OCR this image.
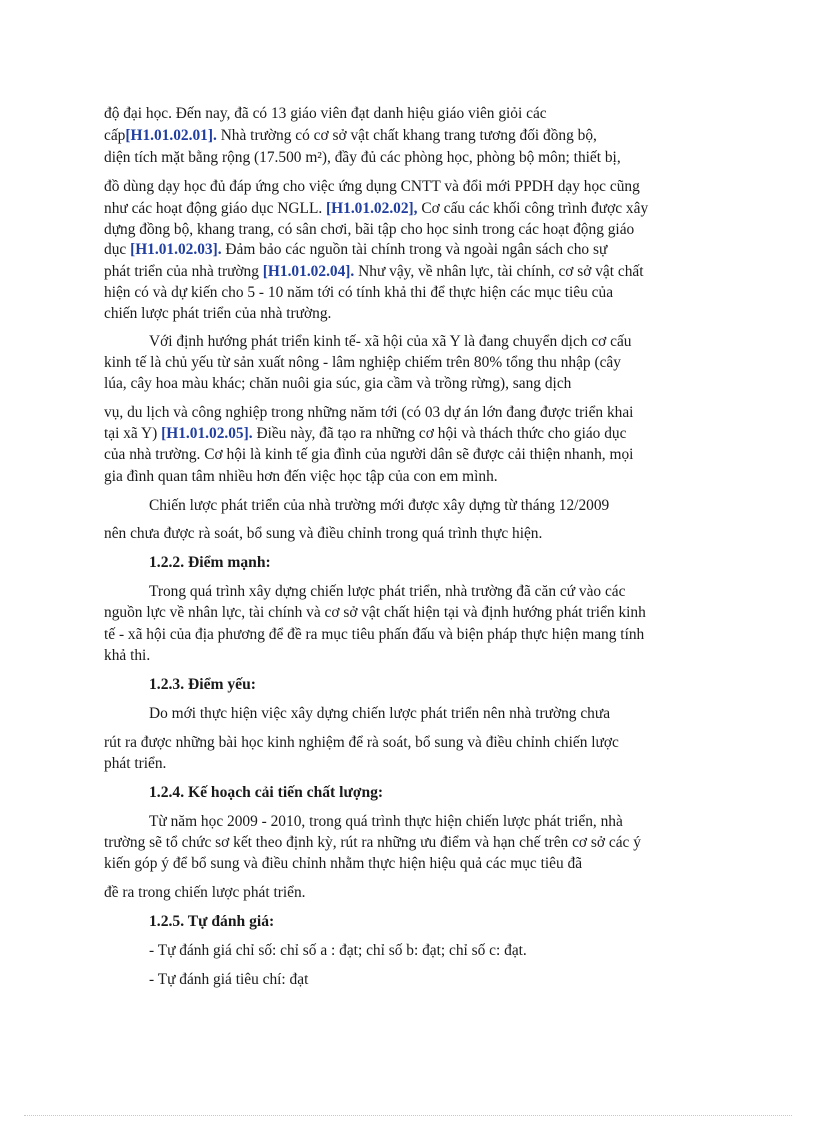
độ đại học. Đến nay, đã có 13 giáo viên đạt danh hiệu giáo viên giỏi các
cấp[H1.01.02.01]. Nhà trường có cơ sở vật chất khang trang tương đối đồng bộ,
diện tích mặt bằng rộng (17.500 m²), đầy đủ các phòng học, phòng bộ môn; thiết bị,
đồ dùng dạy học đủ đáp ứng cho việc ứng dụng CNTT và đổi mới PPDH dạy học cũng
như các hoạt động giáo dục NGLL. [H1.01.02.02], Cơ cấu các khối công trình được xây
dựng đồng bộ, khang trang, có sân chơi, bãi tập cho học sinh trong các hoạt động giáo
dục [H1.01.02.03]. Đảm bảo các nguồn tài chính trong và ngoài ngân sách cho sự
phát triển của nhà trường [H1.01.02.04]. Như vậy, về nhân lực, tài chính, cơ sở vật chất
hiện có và dự kiến cho 5 - 10 năm tới có tính khả thi để thực hiện các mục tiêu của
chiến lược phát triển của nhà trường.
Với định hướng phát triển kinh tế- xã hội của xã Y là đang chuyển dịch cơ cấu
kinh tế là chủ yếu từ sản xuất nông - lâm nghiệp chiếm trên 80% tổng thu nhập (cây
lúa, cây hoa màu khác; chăn nuôi gia súc, gia cầm và trồng rừng), sang dịch
vụ, du lịch và công nghiệp trong những năm tới (có 03 dự án lớn đang được triển khai
tại xã Y) [H1.01.02.05]. Điều này, đã tạo ra những cơ hội và thách thức cho giáo dục
của nhà trường. Cơ hội là kinh tế gia đình của người dân sẽ được cải thiện nhanh, mọi
gia đình quan tâm nhiều hơn đến việc học tập của con em mình.
Chiến lược phát triển của nhà trường mới được xây dựng từ tháng 12/2009
nên chưa được rà soát, bổ sung và điều chỉnh trong quá trình thực hiện.
1.2.2. Điểm mạnh:
Trong quá trình xây dựng chiến lược phát triển, nhà trường đã căn cứ vào các
nguồn lực về nhân lực, tài chính và cơ sở vật chất hiện tại và định hướng phát triển kinh
tế - xã hội của địa phương để đề ra mục tiêu phấn đấu và biện pháp thực hiện mang tính
khả thi.
1.2.3. Điểm yếu:
Do mới thực hiện việc xây dựng chiến lược phát triển nên nhà trường chưa
rút ra được những bài học kinh nghiệm để rà soát, bổ sung và điều chỉnh chiến lược
phát triển.
1.2.4. Kế hoạch cải tiến chất lượng:
Từ năm học 2009 - 2010, trong quá trình thực hiện chiến lược phát triển, nhà
trường sẽ tổ chức sơ kết theo định kỳ, rút ra những ưu điểm và hạn chế trên cơ sở các ý
kiến góp ý để bổ sung và điều chỉnh nhằm thực hiện hiệu quả các mục tiêu đã
đề ra trong chiến lược phát triển.
1.2.5. Tự đánh giá:
- Tự đánh giá chỉ số: chỉ số a : đạt; chỉ số b: đạt; chỉ số c: đạt.
- Tự đánh giá tiêu chí: đạt
